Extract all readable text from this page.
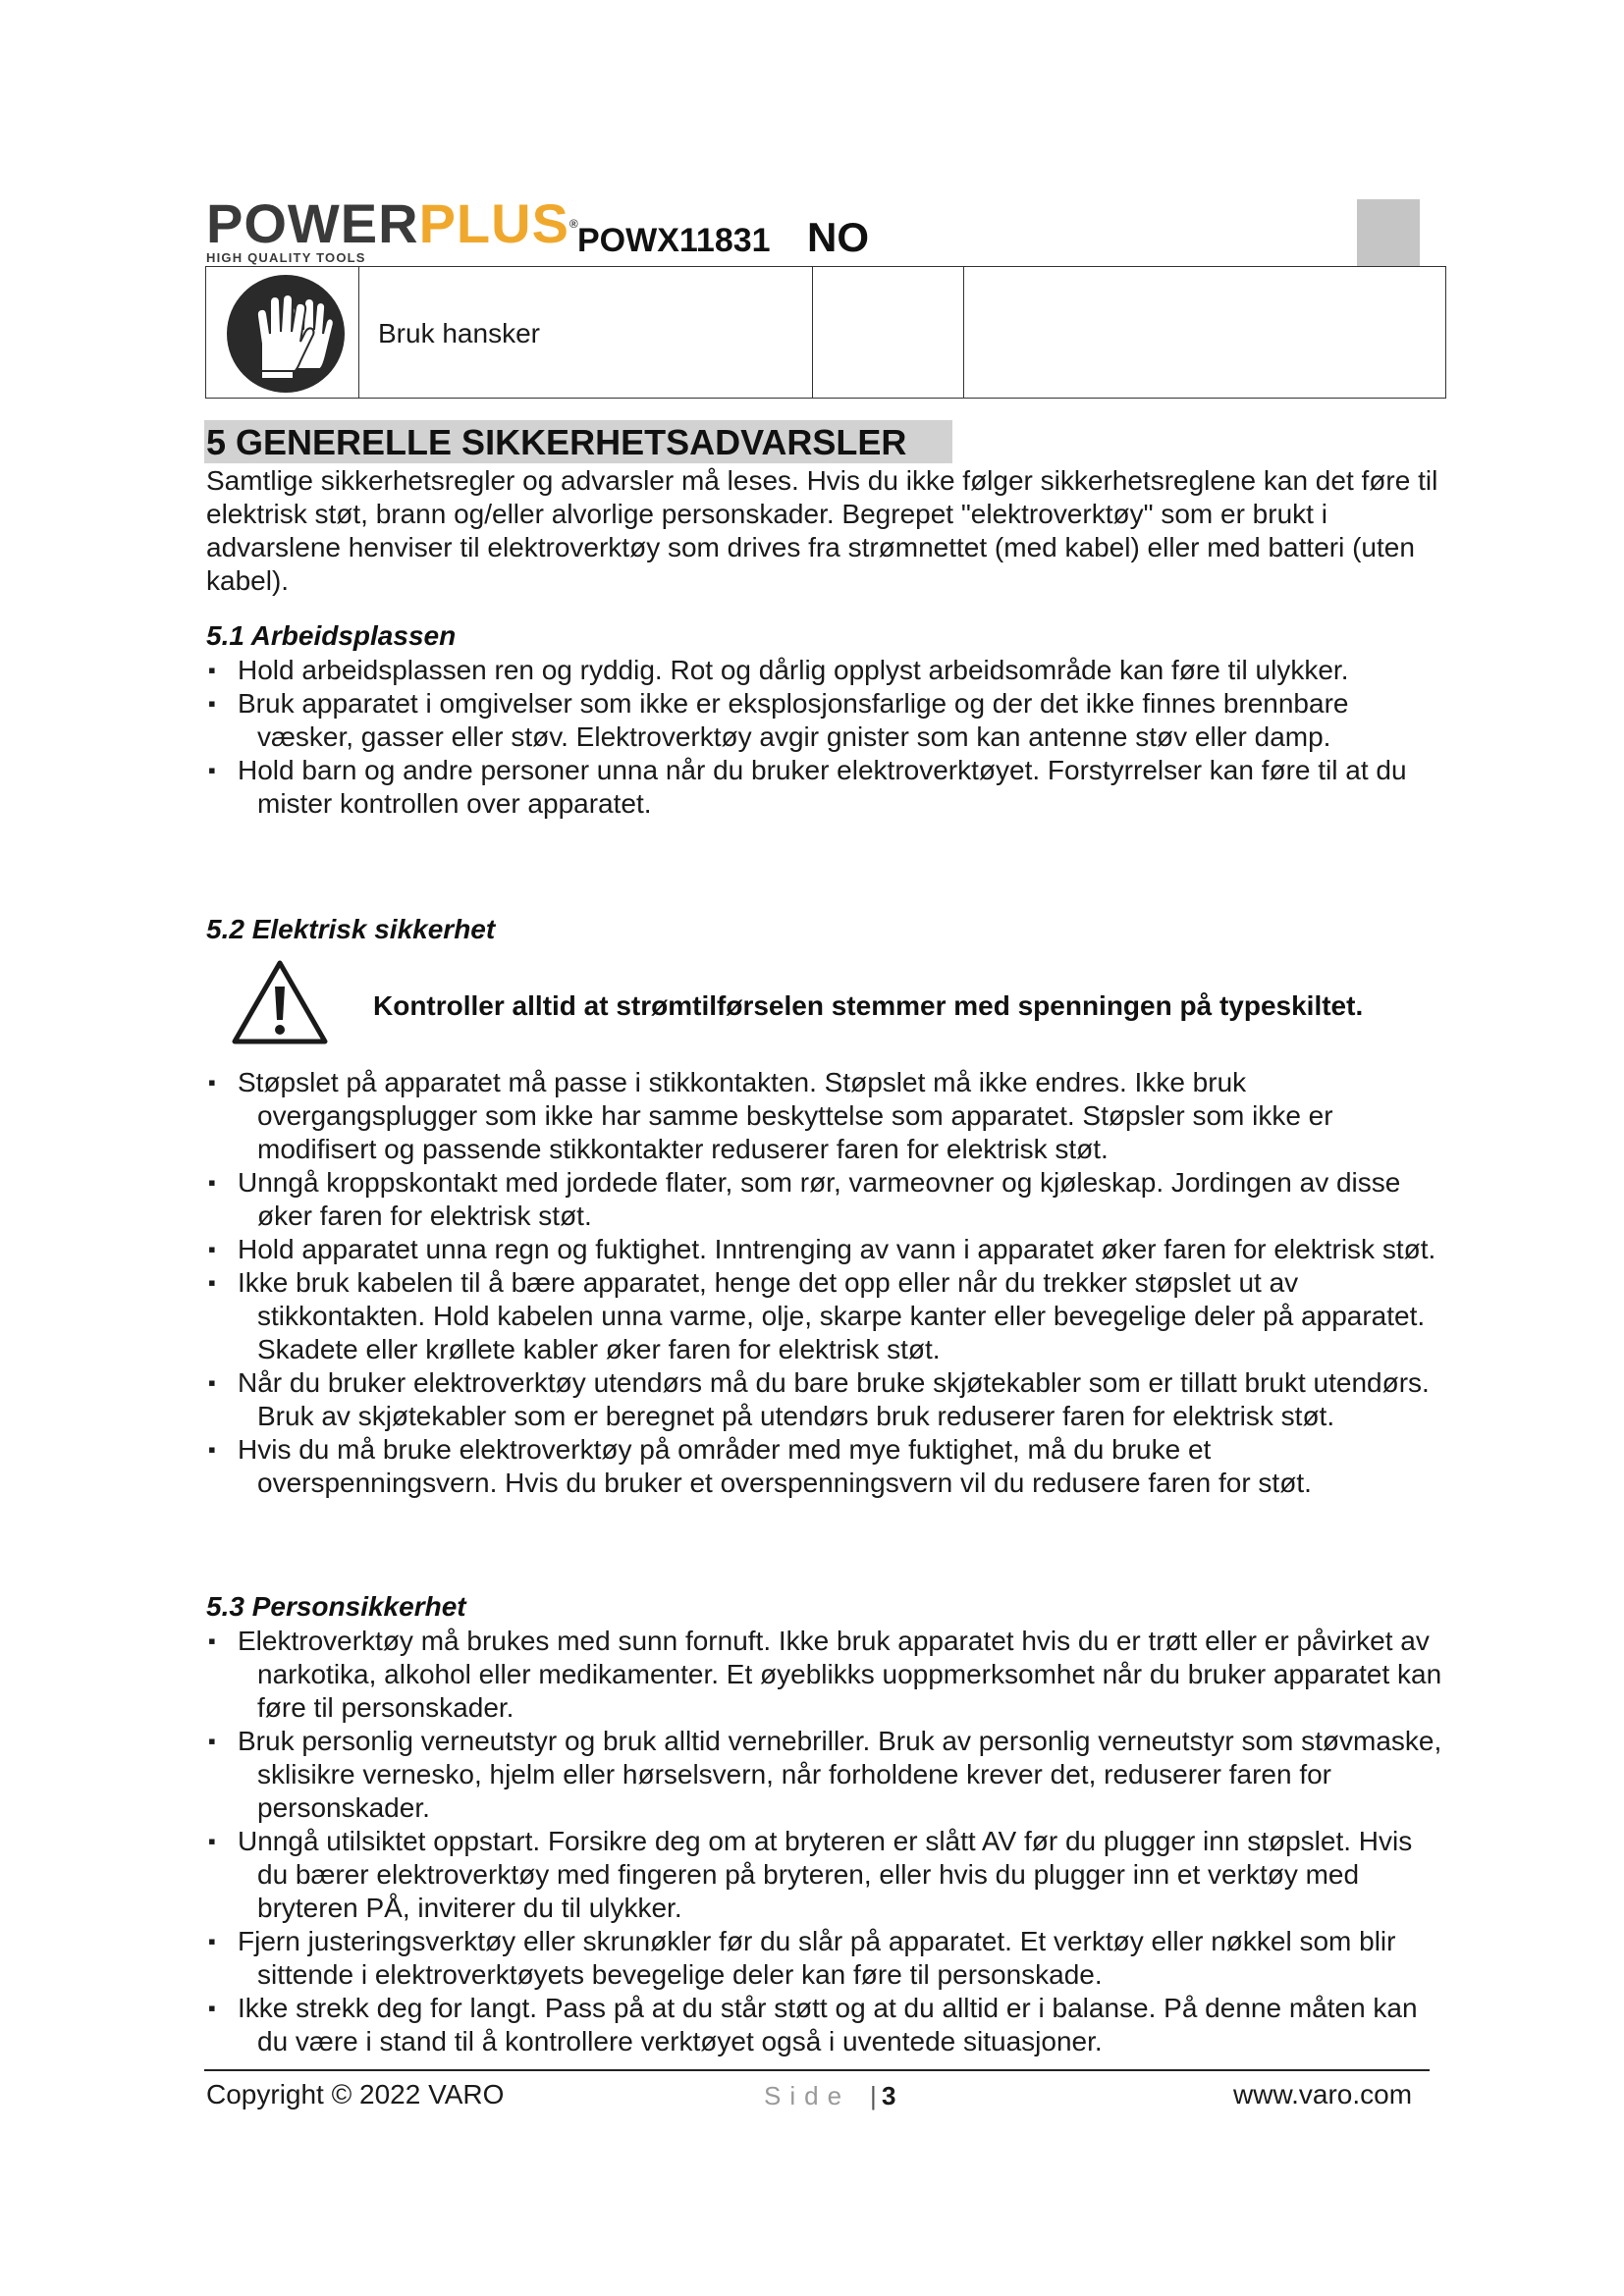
POWERPLUS®
HIGH QUALITY TOOLS	POWX11831 NO
Bruk hansker
5 GENERELLE SIKKERHETSADVARSLER
Samtlige sikkerhetsregler og advarsler må leses. Hvis du ikke følger sikkerhetsreglene kan det føre til elektrisk støt, brann og/eller alvorlige personskader. Begrepet "elektroverktøy" som er brukt i advarslene henviser til elektroverktøy som drives fra strømnettet (med kabel) eller med batteri (uten kabel).
5.1 Arbeidsplassen
▪ Hold arbeidsplassen ren og ryddig. Rot og dårlig opplyst arbeidsområde kan føre til ulykker.
▪ Bruk apparatet i omgivelser som ikke er eksplosjonsfarlige og der det ikke finnes brennbare væsker, gasser eller støv. Elektroverktøy avgir gnister som kan antenne støv eller damp.
▪ Hold barn og andre personer unna når du bruker elektroverktøyet. Forstyrrelser kan føre til at du mister kontrollen over apparatet.
5.2 Elektrisk sikkerhet
Kontroller alltid at strømtilførselen stemmer med spenningen på typeskiltet.
▪ Støpslet på apparatet må passe i stikkontakten. Støpslet må ikke endres. Ikke bruk overgangsplugger som ikke har samme beskyttelse som apparatet. Støpsler som ikke er modifisert og passende stikkontakter reduserer faren for elektrisk støt.
▪ Unngå kroppskontakt med jordede flater, som rør, varmeovner og kjøleskap. Jordingen av disse øker faren for elektrisk støt.
▪ Hold apparatet unna regn og fuktighet. Inntrenging av vann i apparatet øker faren for elektrisk støt.
▪ Ikke bruk kabelen til å bære apparatet, henge det opp eller når du trekker støpslet ut av stikkontakten. Hold kabelen unna varme, olje, skarpe kanter eller bevegelige deler på apparatet. Skadete eller krøllete kabler øker faren for elektrisk støt.
▪ Når du bruker elektroverktøy utendørs må du bare bruke skjøtekabler som er tillatt brukt utendørs. Bruk av skjøtekabler som er beregnet på utendørs bruk reduserer faren for elektrisk støt.
▪ Hvis du må bruke elektroverktøy på områder med mye fuktighet, må du bruke et overspenningsvern. Hvis du bruker et overspenningsvern vil du redusere faren for støt.
5.3 Personsikkerhet
▪ Elektroverktøy må brukes med sunn fornuft. Ikke bruk apparatet hvis du er trøtt eller er påvirket av narkotika, alkohol eller medikamenter. Et øyeblikks uoppmerksomhet når du bruker apparatet kan føre til personskader.
▪ Bruk personlig verneutstyr og bruk alltid vernebriller. Bruk av personlig verneutstyr som støvmaske, sklisikre vernesko, hjelm eller hørselsvern, når forholdene krever det, reduserer faren for personskader.
▪ Unngå utilsiktet oppstart. Forsikre deg om at bryteren er slått AV før du plugger inn støpslet. Hvis du bærer elektroverktøy med fingeren på bryteren, eller hvis du plugger inn et verktøy med bryteren PÅ, inviterer du til ulykker.
▪ Fjern justeringsverktøy eller skrunøkler før du slår på apparatet. Et verktøy eller nøkkel som blir sittende i elektroverktøyets bevegelige deler kan føre til personskade.
▪ Ikke strekk deg for langt. Pass på at du står støtt og at du alltid er i balanse. På denne måten kan du være i stand til å kontrollere verktøyet også i uventede situasjoner.
Copyright © 2022 VARO	Side | 3	www.varo.com
